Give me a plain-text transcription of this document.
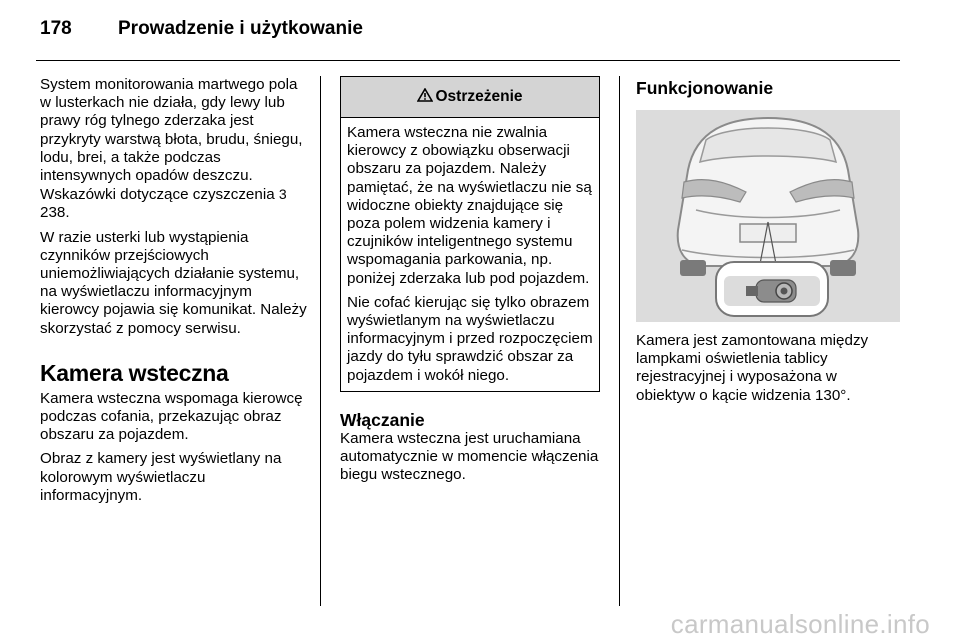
178 Prowadzenie i użytkowanie

System monitorowania martwego pola w lusterkach nie działa, gdy lewy lub prawy róg tylnego zderzaka jest przykryty warstwą błota, brudu, śniegu, lodu, brei, a także podczas intensywnych opadów deszczu. Wskazówki dotyczące czyszczenia 3 238.

W razie usterki lub wystąpienia czynników przejściowych uniemożliwiających działanie systemu, na wyświetlaczu informacyjnym kierowcy pojawia się komunikat. Należy skorzystać z pomocy serwisu.

Kamera wsteczna

Kamera wsteczna wspomaga kierowcę podczas cofania, przekazując obraz obszaru za pojazdem.

Obraz z kamery jest wyświetlany na kolorowym wyświetlaczu informacyjnym.

Ostrzeżenie

Kamera wsteczna nie zwalnia kierowcy z obowiązku obserwacji obszaru za pojazdem. Należy pamiętać, że na wyświetlaczu nie są widoczne obiekty znajdujące się poza polem widzenia kamery i czujników inteligentnego systemu wspomagania parkowania, np. poniżej zderzaka lub pod pojazdem.

Nie cofać kierując się tylko obrazem wyświetlanym na wyświetlaczu informacyjnym i przed rozpoczęciem jazdy do tyłu sprawdzić obszar za pojazdem i wokół niego.

Włączanie

Kamera wsteczna jest uruchamiana automatycznie w momencie włączenia biegu wstecznego.

Funkcjonowanie

Kamera jest zamontowana między lampkami oświetlenia tablicy rejestracyjnej i wyposażona w obiektyw o kącie widzenia 130°.

carmanualsonline.info
